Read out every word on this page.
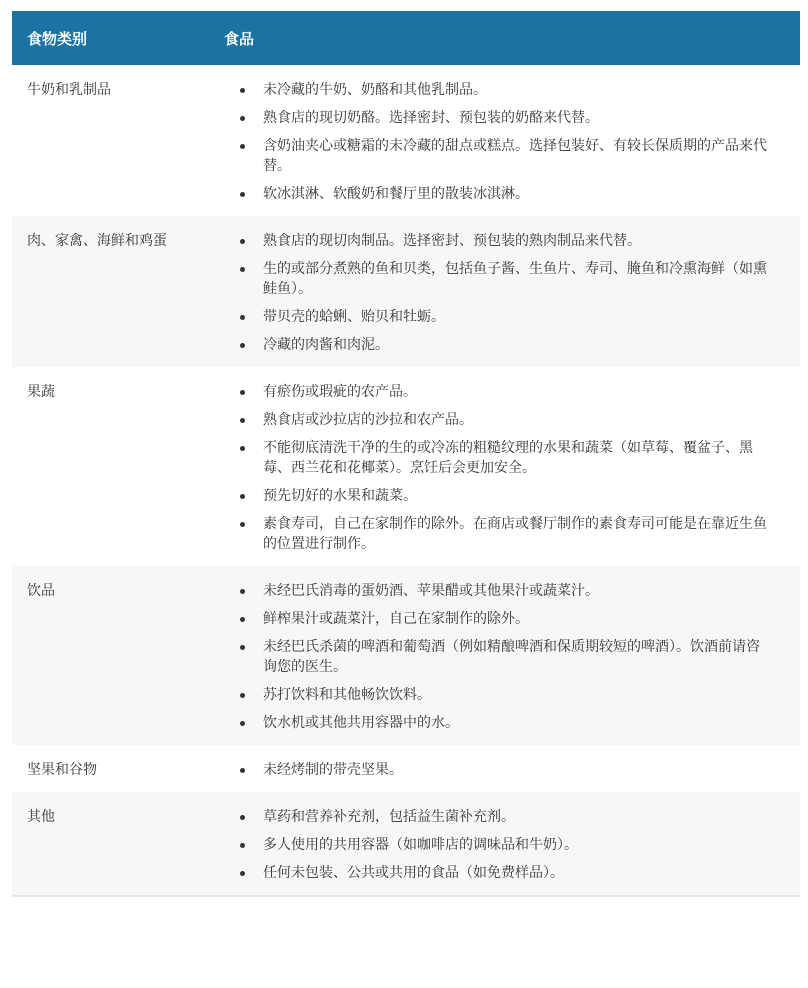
食物类别	食品
牛奶和乳制品	未冷藏的牛奶、奶酪和其他乳制品。
熟食店的现切奶酪。选择密封、预包装的奶酪来代替。
含奶油夹心或糖霜的未冷藏的甜点或糕点。选择包装好、有较长保质期的产品来代替。
软冰淇淋、软酸奶和餐厅里的散装冰淇淋。
肉、家禽、海鲜和鸡蛋	熟食店的现切肉制品。选择密封、预包装的熟肉制品来代替。
生的或部分煮熟的鱼和贝类，包括鱼子酱、生鱼片、寿司、腌鱼和冷熏海鲜（如熏鲑鱼）。
带贝壳的蛤蜊、贻贝和牡蛎。
冷藏的肉酱和肉泥。
果蔬	有瘀伤或瑕疵的农产品。
熟食店或沙拉店的沙拉和农产品。
不能彻底清洗干净的生的或冷冻的粗糙纹理的水果和蔬菜（如草莓、覆盆子、黑莓、西兰花和花椰菜）。烹饪后会更加安全。
预先切好的水果和蔬菜。
素食寿司，自己在家制作的除外。在商店或餐厅制作的素食寿司可能是在靠近生鱼的位置进行制作。
饮品	未经巴氏消毒的蛋奶酒、苹果醋或其他果汁或蔬菜汁。
鲜榨果汁或蔬菜汁，自己在家制作的除外。
未经巴氏杀菌的啤酒和葡萄酒（例如精酿啤酒和保质期较短的啤酒）。饮酒前请咨询您的医生。
苏打饮料和其他畅饮饮料。
饮水机或其他共用容器中的水。
坚果和谷物	未经烤制的带壳坚果。
其他	草药和营养补充剂，包括益生菌补充剂。
多人使用的共用容器（如咖啡店的调味品和牛奶）。
任何未包装、公共或共用的食品（如免费样品）。
